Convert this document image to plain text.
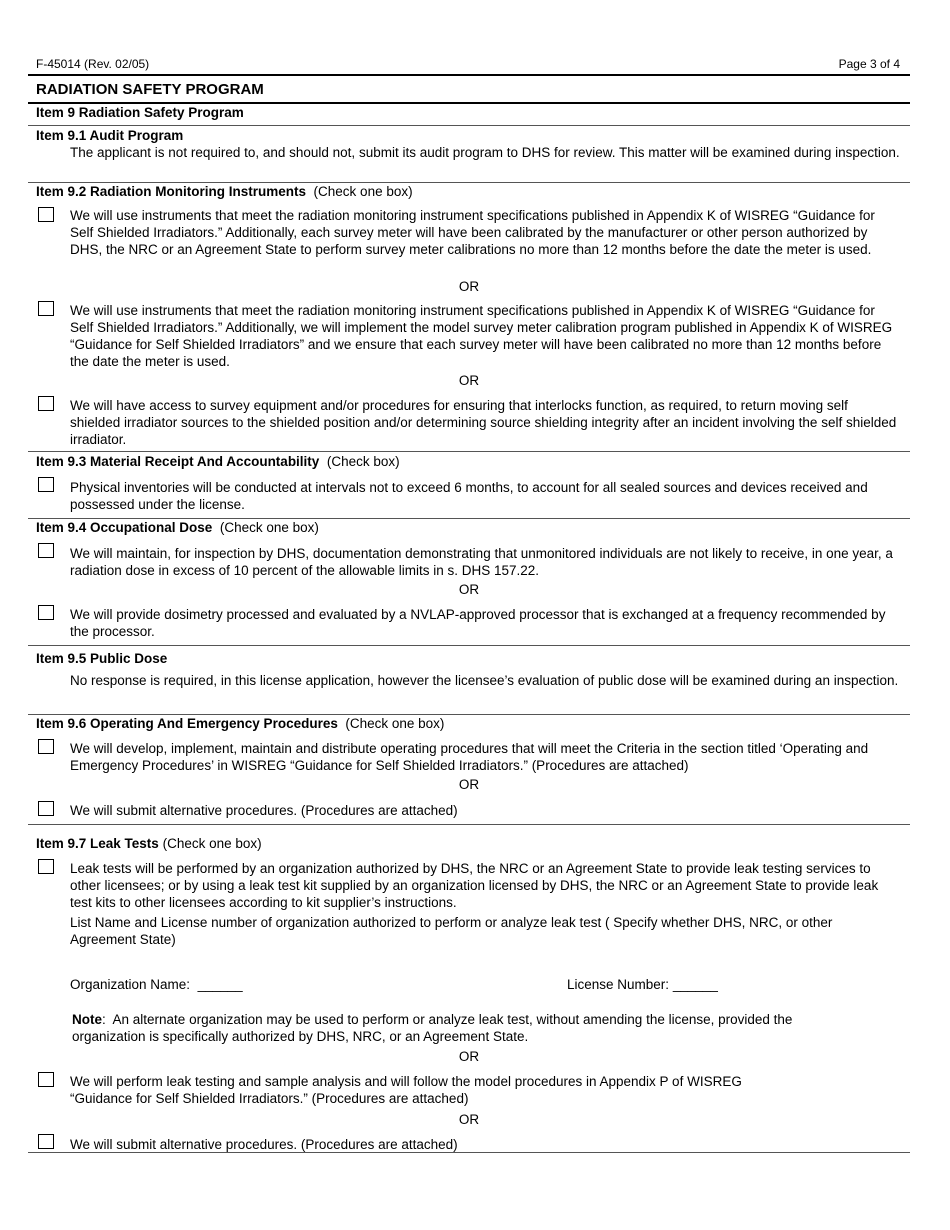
F-45014 (Rev. 02/05)	Page 3 of 4
RADIATION SAFETY PROGRAM
Item 9 Radiation Safety Program
Item 9.1 Audit Program
The applicant is not required to, and should not, submit its audit program to DHS for review. This matter will be examined during inspection.
Item 9.2 Radiation Monitoring Instruments (Check one box)
We will use instruments that meet the radiation monitoring instrument specifications published in Appendix K of WISREG “Guidance for Self Shielded Irradiators.” Additionally, each survey meter will have been calibrated by the manufacturer or other person authorized by DHS, the NRC or an Agreement State to perform survey meter calibrations no more than 12 months before the date the meter is used.
OR
We will use instruments that meet the radiation monitoring instrument specifications published in Appendix K of WISREG “Guidance for Self Shielded Irradiators.” Additionally, we will implement the model survey meter calibration program published in Appendix K of WISREG “Guidance for Self Shielded Irradiators” and we ensure that each survey meter will have been calibrated no more than 12 months before the date the meter is used.
OR
We will have access to survey equipment and/or procedures for ensuring that interlocks function, as required, to return moving self shielded irradiator sources to the shielded position and/or determining source shielding integrity after an incident involving the self shielded irradiator.
Item 9.3 Material Receipt And Accountability (Check box)
Physical inventories will be conducted at intervals not to exceed 6 months, to account for all sealed sources and devices received and possessed under the license.
Item 9.4 Occupational Dose (Check one box)
We will maintain, for inspection by DHS, documentation demonstrating that unmonitored individuals are not likely to receive, in one year, a radiation dose in excess of 10 percent of the allowable limits in s. DHS 157.22.
OR
We will provide dosimetry processed and evaluated by a NVLAP-approved processor that is exchanged at a frequency recommended by the processor.
Item 9.5 Public Dose
No response is required, in this license application, however the licensee’s evaluation of public dose will be examined during an inspection.
Item 9.6 Operating And Emergency Procedures (Check one box)
We will develop, implement, maintain and distribute operating procedures that will meet the Criteria in the section titled ‘Operating and Emergency Procedures’ in WISREG “Guidance for Self Shielded Irradiators.” (Procedures are attached)
OR
We will submit alternative procedures. (Procedures are attached)
Item 9.7 Leak Tests (Check one box)
Leak tests will be performed by an organization authorized by DHS, the NRC or an Agreement State to provide leak testing services to other licensees; or by using a leak test kit supplied by an organization licensed by DHS, the NRC or an Agreement State to provide leak test kits to other licensees according to kit supplier’s instructions.
List Name and License number of organization authorized to perform or analyze leak test ( Specify whether DHS, NRC, or other Agreement State)
Organization Name: ______	License Number: ______
Note:  An alternate organization may be used to perform or analyze leak test, without amending the license, provided the organization is specifically authorized by DHS, NRC, or an Agreement State.
OR
We will perform leak testing and sample analysis and will follow the model procedures in Appendix P of WISREG “Guidance for Self Shielded Irradiators.” (Procedures are attached)
OR
We will submit alternative procedures. (Procedures are attached)
